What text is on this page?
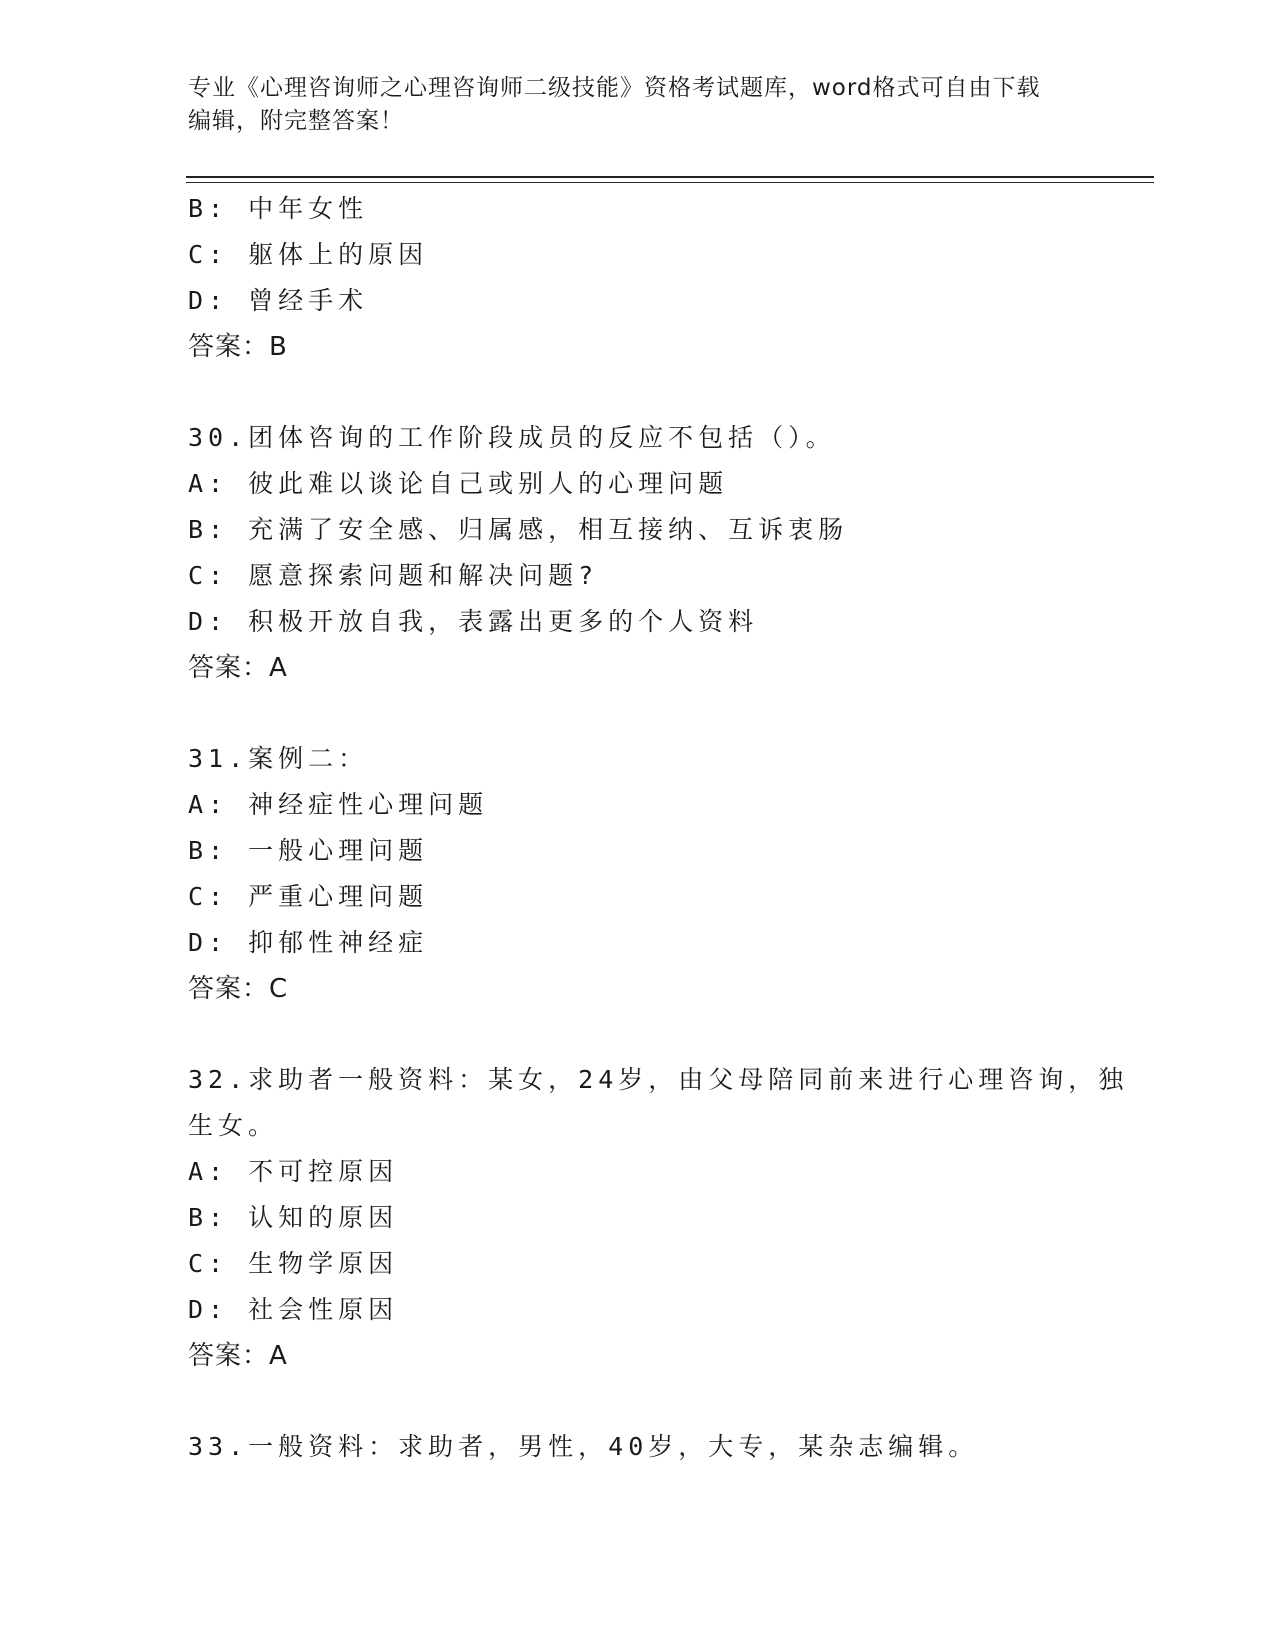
专业《心理咨询师之心理咨询师二级技能》资格考试题库，word格式可自由下载
编辑，附完整答案！
B: 中年女性
C: 躯体上的原因
D: 曾经手术
答案：B
30.团体咨询的工作阶段成员的反应不包括（）。
A: 彼此难以谈论自己或别人的心理问题
B: 充满了安全感、归属感，相互接纳、互诉衷肠
C: 愿意探索问题和解决问题?
D: 积极开放自我，表露出更多的个人资料
答案：A
31.案例二：
A: 神经症性心理问题
B: 一般心理问题
C: 严重心理问题
D: 抑郁性神经症
答案：C
32.求助者一般资料：某女，24岁，由父母陪同前来进行心理咨询，独
生女。
A: 不可控原因
B: 认知的原因
C: 生物学原因
D: 社会性原因
答案：A
33.一般资料：求助者，男性，40岁，大专，某杂志编辑。
